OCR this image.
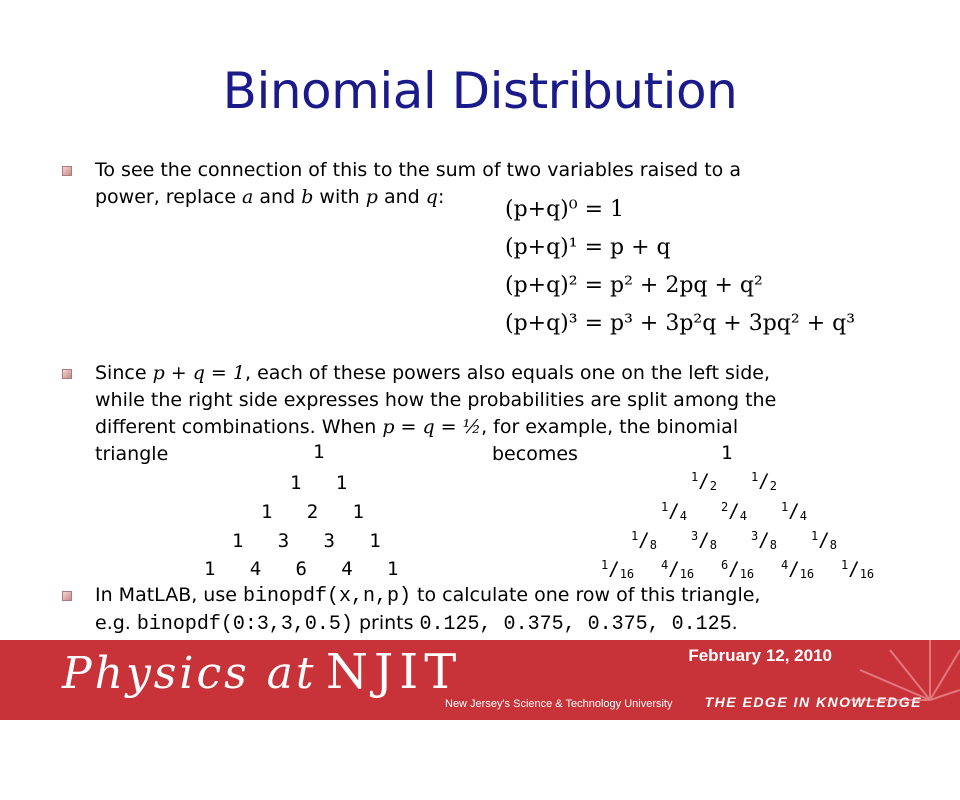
Binomial Distribution
To see the connection of this to the sum of two variables raised to a
power, replace a and b with p and q:	(p+q)⁰ = 1
(p+q)¹ = p + q
(p+q)² = p² + 2pq + q²
(p+q)³ = p³ + 3p²q + 3pq² + q³
Since p + q = 1, each of these powers also equals one on the left side,
while the right side expresses how the probabilities are split among the
different combinations. When p = q = ½, for example, the binomial
triangle	becomes
1
1   1
1   2   1
1   3   3   1
1   4   6   4   1
1
$^1/_2$
$^1/_2$
$^1/_4$
$^2/_4$
$^1/_4$
$^1/_8$
$^3/_8$
$^3/_8$
$^1/_8$
$^1/_{16}$
$^4/_{16}$
$^6/_{16}$
$^4/_{16}$
$^1/_{16}$
In MatLAB, use binopdf(x,n,p) to calculate one row of this triangle,
e.g. binopdf(0:3,3,0.5) prints 0.125, 0.375, 0.375, 0.125.
February 12, 2010
Physics at NJIT
New Jersey's Science & Technology University THE EDGE IN KNOWLEDGE
